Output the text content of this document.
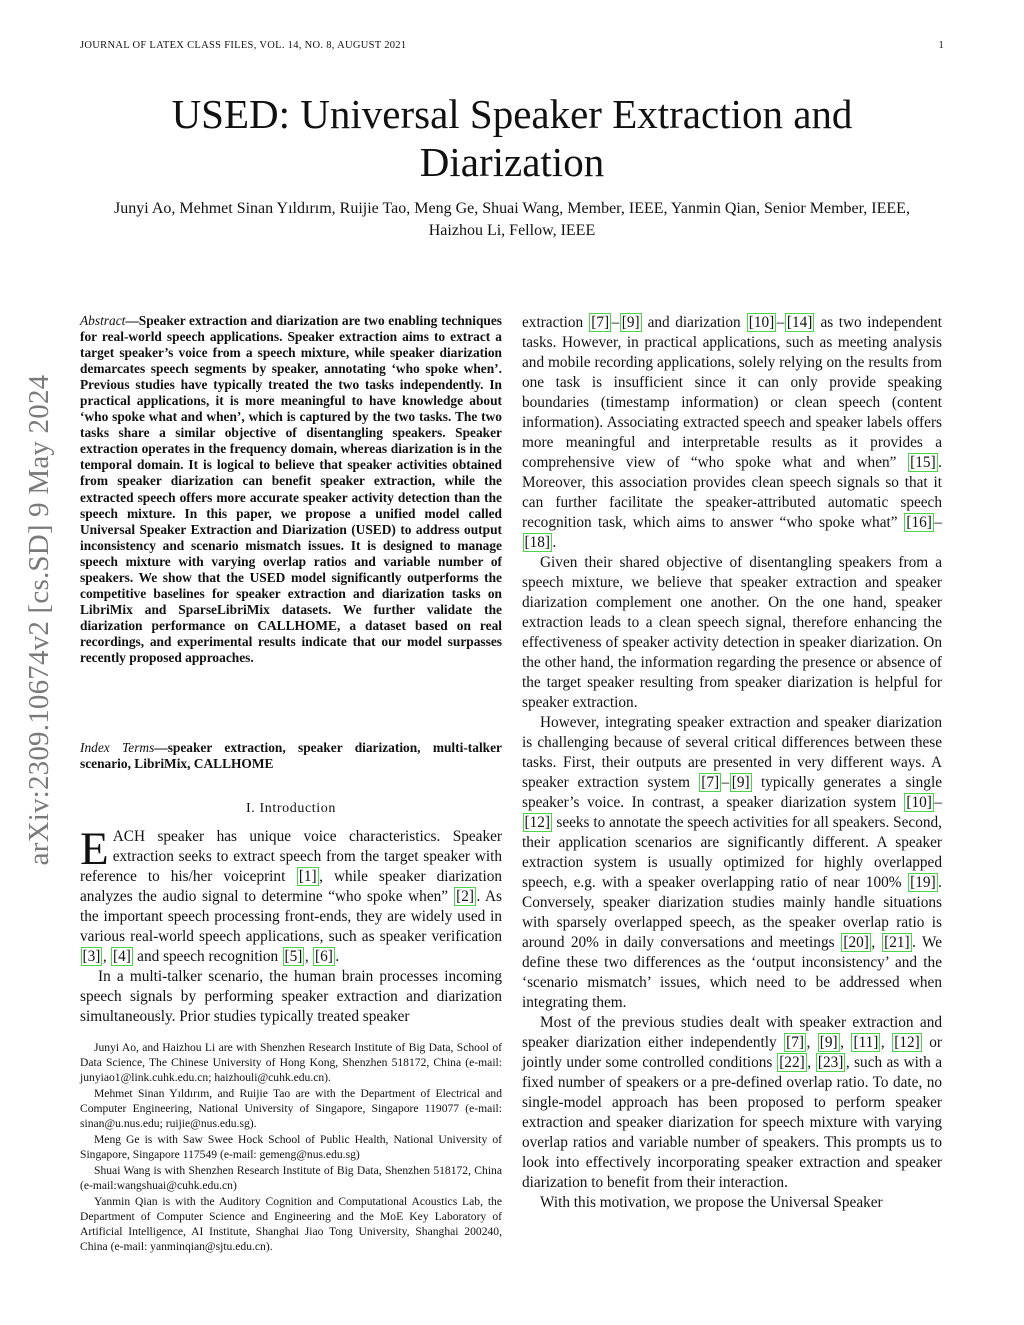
JOURNAL OF LATEX CLASS FILES, VOL. 14, NO. 8, AUGUST 2021	1
USED: Universal Speaker Extraction and Diarization
Junyi Ao, Mehmet Sinan Yıldırım, Ruijie Tao, Meng Ge, Shuai Wang, Member, IEEE, Yanmin Qian, Senior Member, IEEE, Haizhou Li, Fellow, IEEE
arXiv:2309.10674v2 [cs.SD] 9 May 2024
Abstract—Speaker extraction and diarization are two enabling techniques for real-world speech applications. Speaker extraction aims to extract a target speaker’s voice from a speech mixture, while speaker diarization demarcates speech segments by speaker, annotating ‘who spoke when’. Previous studies have typically treated the two tasks independently. In practical applications, it is more meaningful to have knowledge about ‘who spoke what and when’, which is captured by the two tasks. The two tasks share a similar objective of disentangling speakers. Speaker extraction operates in the frequency domain, whereas diarization is in the temporal domain. It is logical to believe that speaker activities obtained from speaker diarization can benefit speaker extraction, while the extracted speech offers more accurate speaker activity detection than the speech mixture. In this paper, we propose a unified model called Universal Speaker Extraction and Diarization (USED) to address output inconsistency and scenario mismatch issues. It is designed to manage speech mixture with varying overlap ratios and variable number of speakers. We show that the USED model significantly outperforms the competitive baselines for speaker extraction and diarization tasks on LibriMix and SparseLibriMix datasets. We further validate the diarization performance on CALLHOME, a dataset based on real recordings, and experimental results indicate that our model surpasses recently proposed approaches.
Index Terms—speaker extraction, speaker diarization, multi-talker scenario, LibriMix, CALLHOME
I. Introduction

EACH speaker has unique voice characteristics. Speaker extraction seeks to extract speech from the target speaker with reference to his/her voiceprint [1] , while speaker diarization analyzes the audio signal to determine “who spoke when” [2] . As the important speech processing front-ends, they are widely used in various real-world speech applications, such as speaker verification [3] , [4] and speech recognition [5] , [6] .

In a multi-talker scenario, the human brain processes incoming speech signals by performing speaker extraction and diarization simultaneously. Prior studies typically treated speaker

Junyi Ao, and Haizhou Li are with Shenzhen Research Institute of Big Data, School of Data Science, The Chinese University of Hong Kong, Shenzhen 518172, China (e-mail: junyiao1@link.cuhk.edu.cn; haizhouli@cuhk.edu.cn).

Mehmet Sinan Yıldırım, and Ruijie Tao are with the Department of Electrical and Computer Engineering, National University of Singapore, Singapore 119077 (e-mail: sinan@u.nus.edu; ruijie@nus.edu.sg).

Meng Ge is with Saw Swee Hock School of Public Health, National University of Singapore, Singapore 117549 (e-mail: gemeng@nus.edu.sg)

Shuai Wang is with Shenzhen Research Institute of Big Data, Shenzhen 518172, China (e-mail:wangshuai@cuhk.edu.cn)

Yanmin Qian is with the Auditory Cognition and Computational Acoustics Lab, the Department of Computer Science and Engineering and the MoE Key Laboratory of Artificial Intelligence, AI Institute, Shanghai Jiao Tong University, Shanghai 200240, China (e-mail: yanminqian@sjtu.edu.cn).

extraction [7] – [9] and diarization [10] – [14] as two independent tasks. However, in practical applications, such as meeting analysis and mobile recording applications, solely relying on the results from one task is insufficient since it can only provide speaking boundaries (timestamp information) or clean speech (content information). Associating extracted speech and speaker labels offers more meaningful and interpretable results as it provides a comprehensive view of “who spoke what and when” [15] . Moreover, this association provides clean speech signals so that it can further facilitate the speaker-attributed automatic speech recognition task, which aims to answer “who spoke what” [16] –[18] .

Given their shared objective of disentangling speakers from a speech mixture, we believe that speaker extraction and speaker diarization complement one another. On the one hand, speaker extraction leads to a clean speech signal, therefore enhancing the effectiveness of speaker activity detection in speaker diarization. On the other hand, the information regarding the presence or absence of the target speaker resulting from speaker diarization is helpful for speaker extraction.

However, integrating speaker extraction and speaker diarization is challenging because of several critical differences between these tasks. First, their outputs are presented in very different ways. A speaker extraction system [7] – [9] typically generates a single speaker’s voice. In contrast, a speaker diarization system [10] –[12] seeks to annotate the speech activities for all speakers. Second, their application scenarios are significantly different. A speaker extraction system is usually optimized for highly overlapped speech, e.g. with a speaker overlapping ratio of near 100% [19] . Conversely, speaker diarization studies mainly handle situations with sparsely overlapped speech, as the speaker overlap ratio is around 20% in daily conversations and meetings [20] , [21] . We define these two differences as the ‘output inconsistency’ and the ‘scenario mismatch’ issues, which need to be addressed when integrating them.

Most of the previous studies dealt with speaker extraction and speaker diarization either independently [7] , [9] , [11] , [12] or jointly under some controlled conditions [22] , [23] , such as with a fixed number of speakers or a pre-defined overlap ratio. To date, no single-model approach has been proposed to perform speaker extraction and speaker diarization for speech mixture with varying overlap ratios and variable number of speakers. This prompts us to look into effectively incorporating speaker extraction and speaker diarization to benefit from their interaction.

With this motivation, we propose the Universal Speaker
